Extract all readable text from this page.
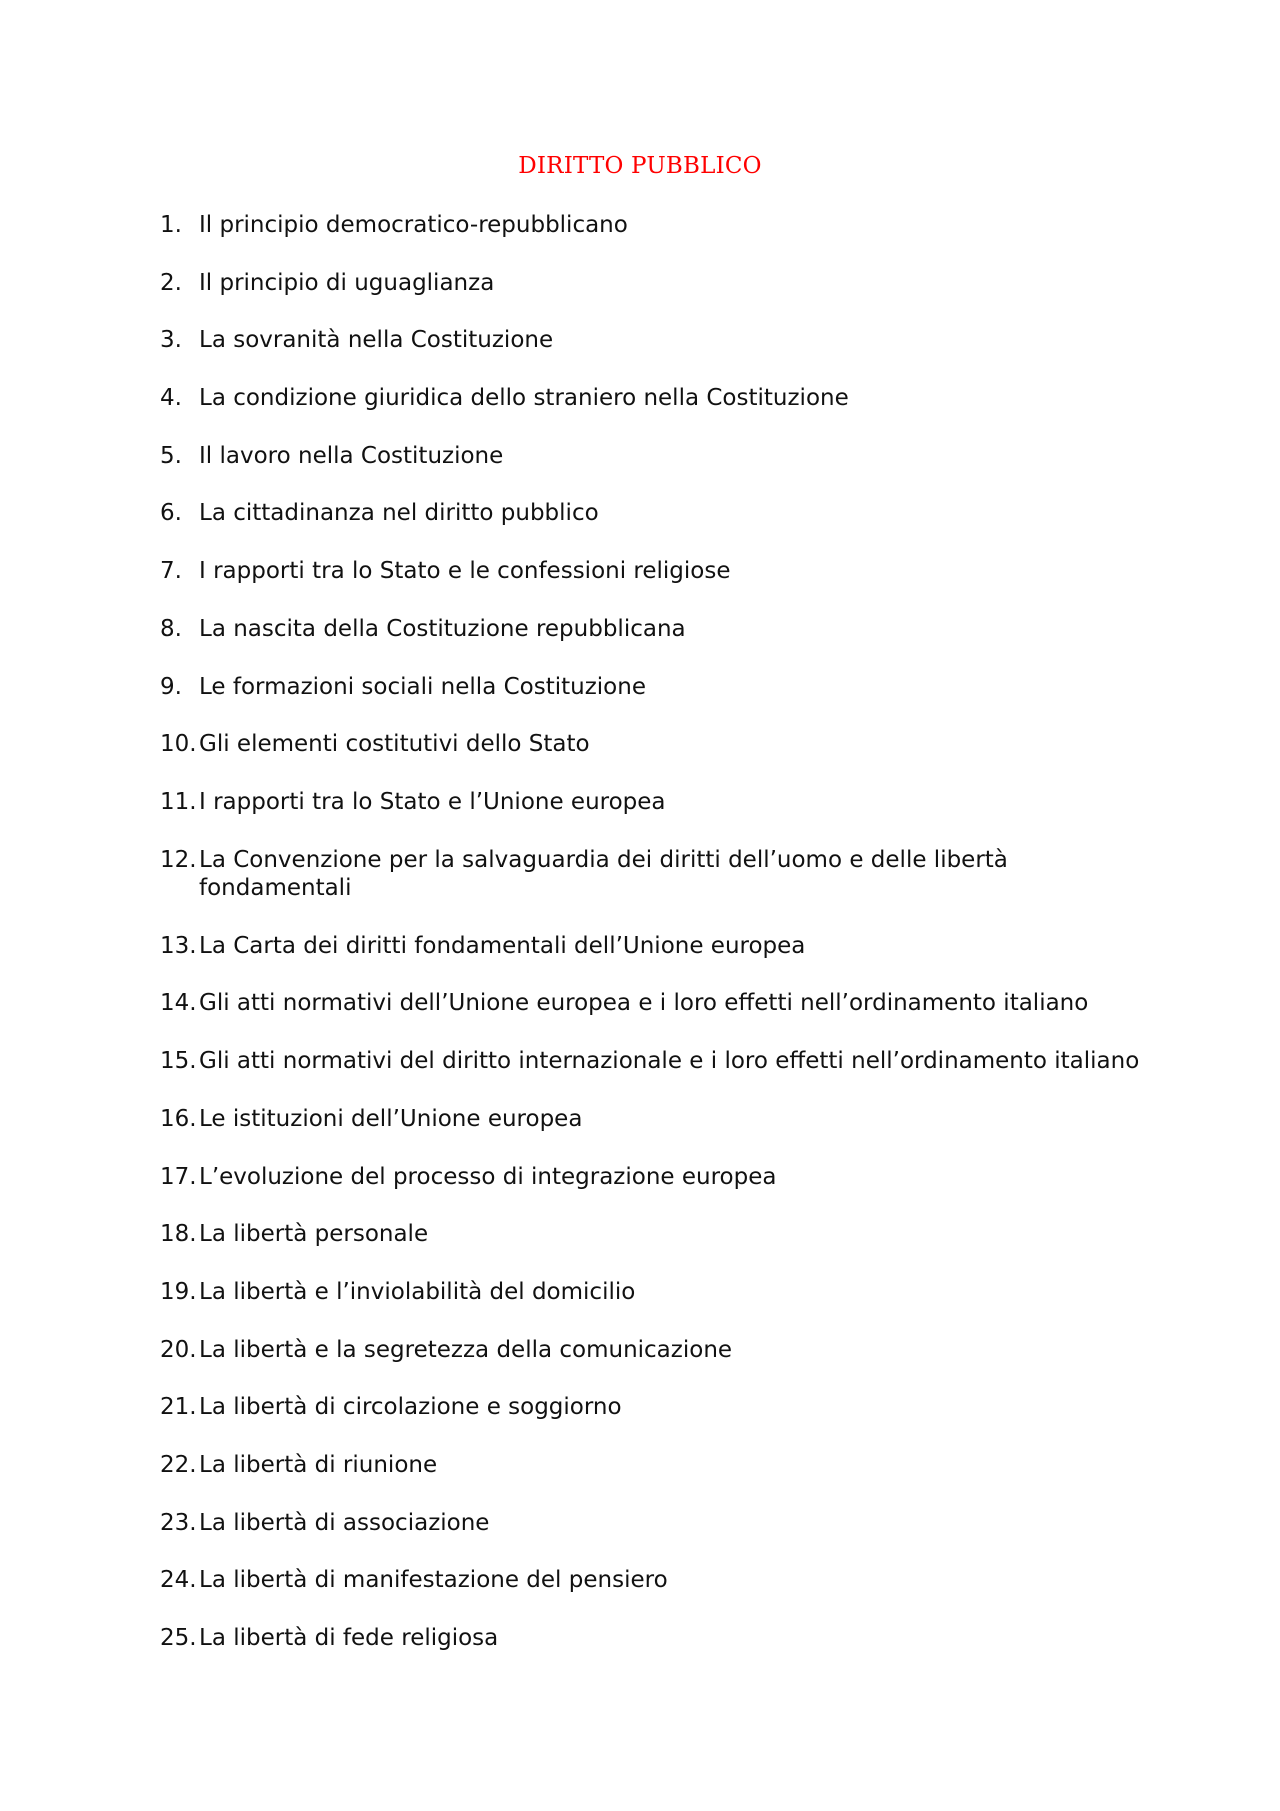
DIRITTO PUBBLICO
1. Il principio democratico-repubblicano
2. Il principio di uguaglianza
3. La sovranità nella Costituzione
4. La condizione giuridica dello straniero nella Costituzione
5. Il lavoro nella Costituzione
6. La cittadinanza nel diritto pubblico
7. I rapporti tra lo Stato e le confessioni religiose
8. La nascita della Costituzione repubblicana
9. Le formazioni sociali nella Costituzione
10. Gli elementi costitutivi dello Stato
11. I rapporti tra lo Stato e l’Unione europea
12. La Convenzione per la salvaguardia dei diritti dell’uomo e delle libertà fondamentali
13. La Carta dei diritti fondamentali dell’Unione europea
14. Gli atti normativi dell’Unione europea e i loro effetti nell’ordinamento italiano
15. Gli atti normativi del diritto internazionale e i loro effetti nell’ordinamento italiano
16. Le istituzioni dell’Unione europea
17. L’evoluzione del processo di integrazione europea
18. La libertà personale
19. La libertà e l’inviolabilità del domicilio
20. La libertà e la segretezza della comunicazione
21. La libertà di circolazione e soggiorno
22. La libertà di riunione
23. La libertà di associazione
24. La libertà di manifestazione del pensiero
25. La libertà di fede religiosa
